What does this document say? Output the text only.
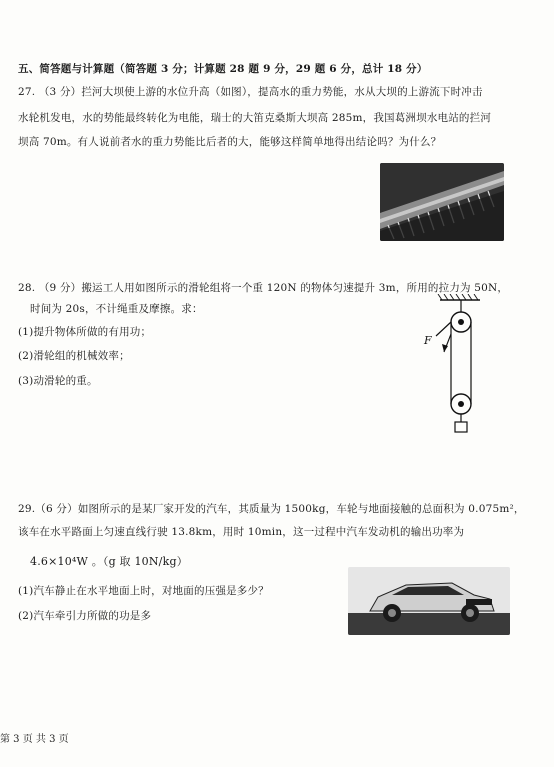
五、简答题与计算题（简答题 3 分；计算题 28 题 9 分，29 题 6 分，总计 18 分）
27. （3 分）拦河大坝使上游的水位升高（如图），提高水的重力势能，水从大坝的上游流下时冲击
水轮机发电，水的势能最终转化为电能，瑞士的大笛克桑斯大坝高 285m，我国葛洲坝水电站的拦河
坝高 70m。有人说前者水的重力势能比后者的大，能够这样简单地得出结论吗？为什么？
28. （9 分）搬运工人用如图所示的滑轮组将一个重 120N 的物体匀速提升 3m，所用的拉力为 50N，
时间为 20s，不计绳重及摩擦。求：
(1)提升物体所做的有用功；
(2)滑轮组的机械效率；
(3)动滑轮的重。
F
29.（6 分）如图所示的是某厂家开发的汽车，其质量为 1500kg，车轮与地面接触的总面积为 0.075m²，
该车在水平路面上匀速直线行驶 13.8km，用时 10min，这一过程中汽车发动机的输出功率为
4.6×10⁴W 。（g 取 10N/kg）
(1)汽车静止在水平地面上时，对地面的压强是多少？
(2)汽车牵引力所做的功是多
第 3 页 共 3 页
